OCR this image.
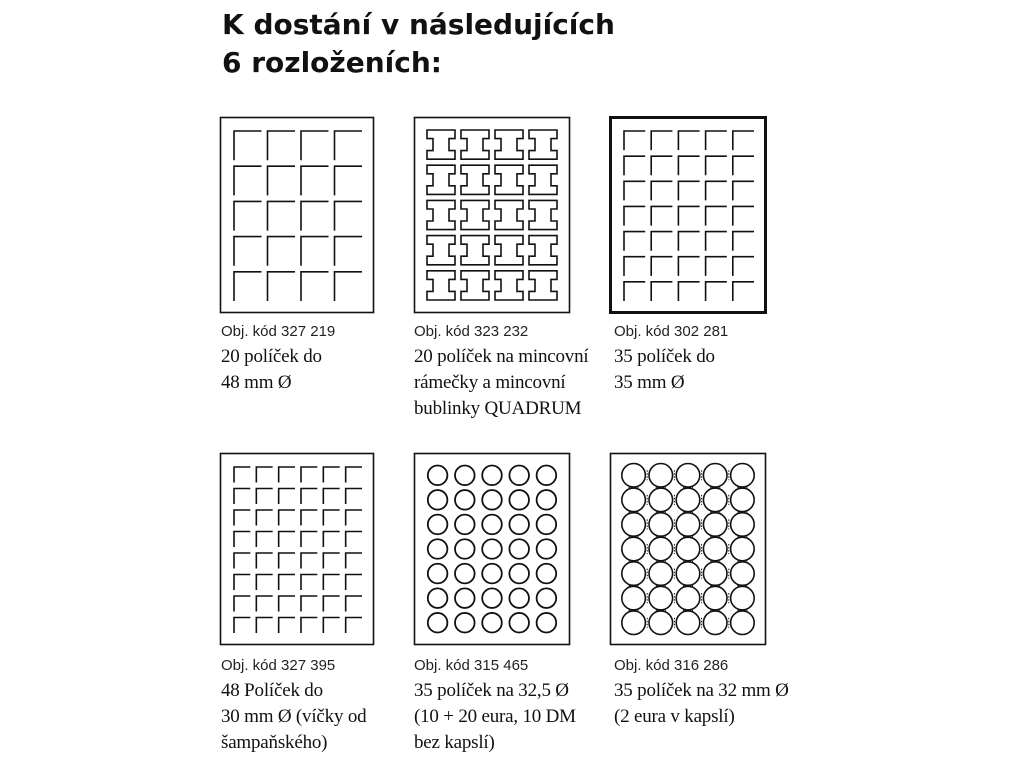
K dostání v následujících
6 rozloženích:
Obj. kód 327 219
20 políček do
48 mm Ø
Obj. kód 323 232
20 políček na mincovní
rámečky a mincovní
bublinky QUADRUM
Obj. kód 302 281
35 políček do
35 mm Ø
Obj. kód 327 395
48 Políček do
30 mm Ø (víčky od
šampaňského)
Obj. kód 315 465
35 políček na 32,5 Ø
(10 + 20 eura, 10 DM
bez kapslí)
Obj. kód 316 286
35 políček na 32 mm Ø
(2 eura v kapslí)
